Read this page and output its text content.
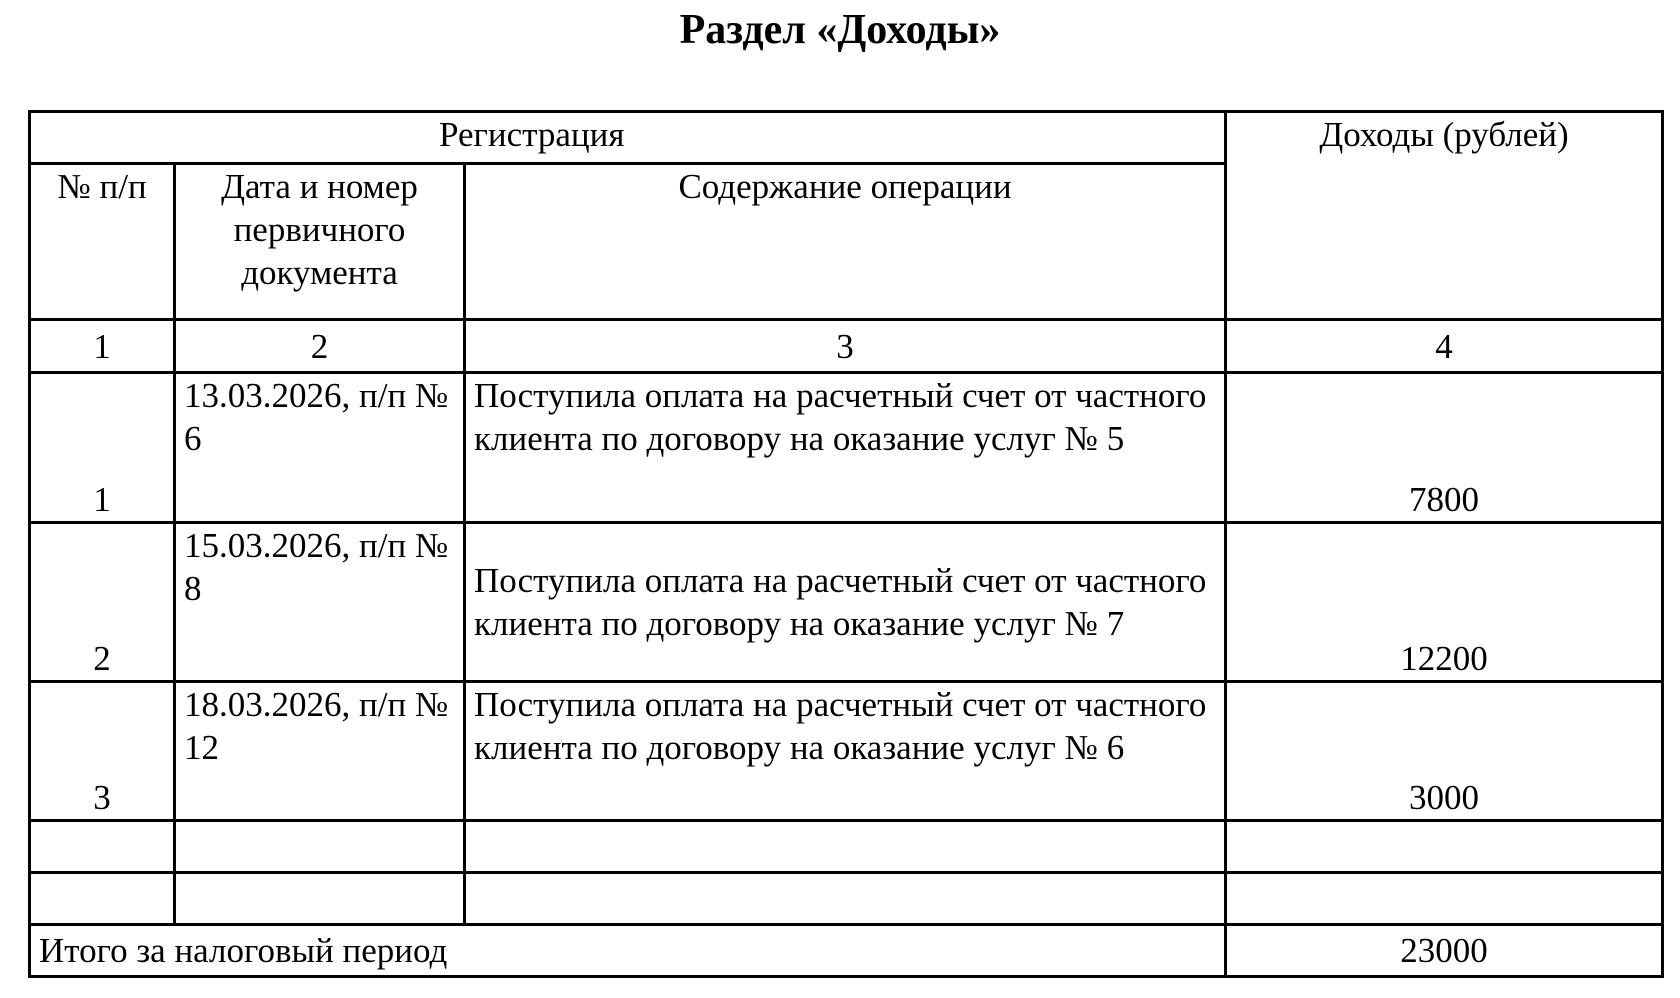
Раздел «Доходы»
Регистрация			Доходы (рублей)
№ п/п	Дата и номер первичного документа	Содержание операции	
1	2	3	4
1	13.03.2026, п/п № 6	Поступила оплата на расчетный счет от частного клиента по договору на оказание услуг № 5	7800
2	15.03.2026, п/п № 8	Поступила оплата на расчетный счет от частного клиента по договору на оказание услуг № 7	12200
3	18.03.2026, п/п № 12	Поступила оплата на расчетный счет от частного клиента по договору на оказание услуг № 6	3000

Итого за налоговый период			23000
